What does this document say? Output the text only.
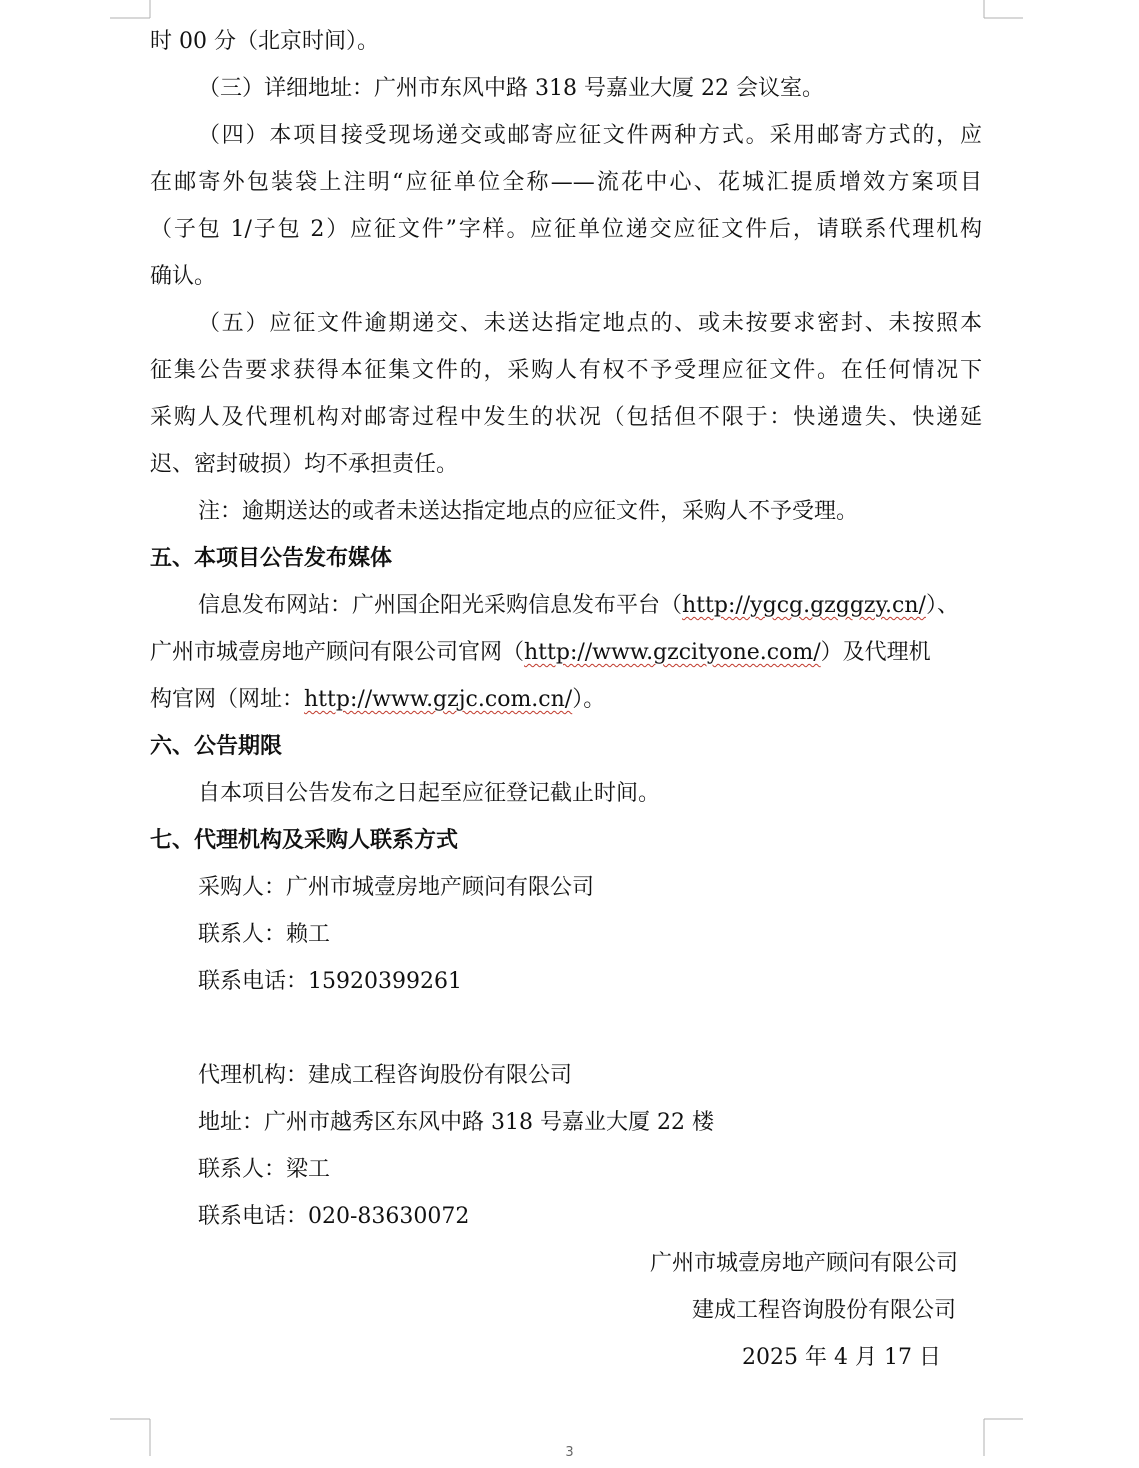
时 00 分（北京时间）。
（三）详细地址：广州市东风中路 318 号嘉业大厦 22 会议室。
（四）本项目接受现场递交或邮寄应征文件两种方式。采用邮寄方式的，应
在邮寄外包装袋上注明“应征单位全称——流花中心、花城汇提质增效方案项目
（子包 1/子包 2）应征文件”字样。应征单位递交应征文件后，请联系代理机构
确认。
（五）应征文件逾期递交、未送达指定地点的、或未按要求密封、未按照本
征集公告要求获得本征集文件的，采购人有权不予受理应征文件。在任何情况下
采购人及代理机构对邮寄过程中发生的状况（包括但不限于：快递遗失、快递延
迟、密封破损）均不承担责任。
注：逾期送达的或者未送达指定地点的应征文件，采购人不予受理。
五、本项目公告发布媒体
信息发布网站：广州国企阳光采购信息发布平台（http://ygcg.gzggzy.cn/）、
广州市城壹房地产顾问有限公司官网（http://www.gzcityone.com/）及代理机
构官网（网址：http://www.gzjc.com.cn/）。
六、公告期限
自本项目公告发布之日起至应征登记截止时间。
七、代理机构及采购人联系方式
采购人：广州市城壹房地产顾问有限公司
联系人：赖工
联系电话：15920399261
代理机构：建成工程咨询股份有限公司
地址：广州市越秀区东风中路 318 号嘉业大厦 22 楼
联系人：梁工
联系电话：020-83630072
广州市城壹房地产顾问有限公司
建成工程咨询股份有限公司
2025 年 4 月 17 日
3
